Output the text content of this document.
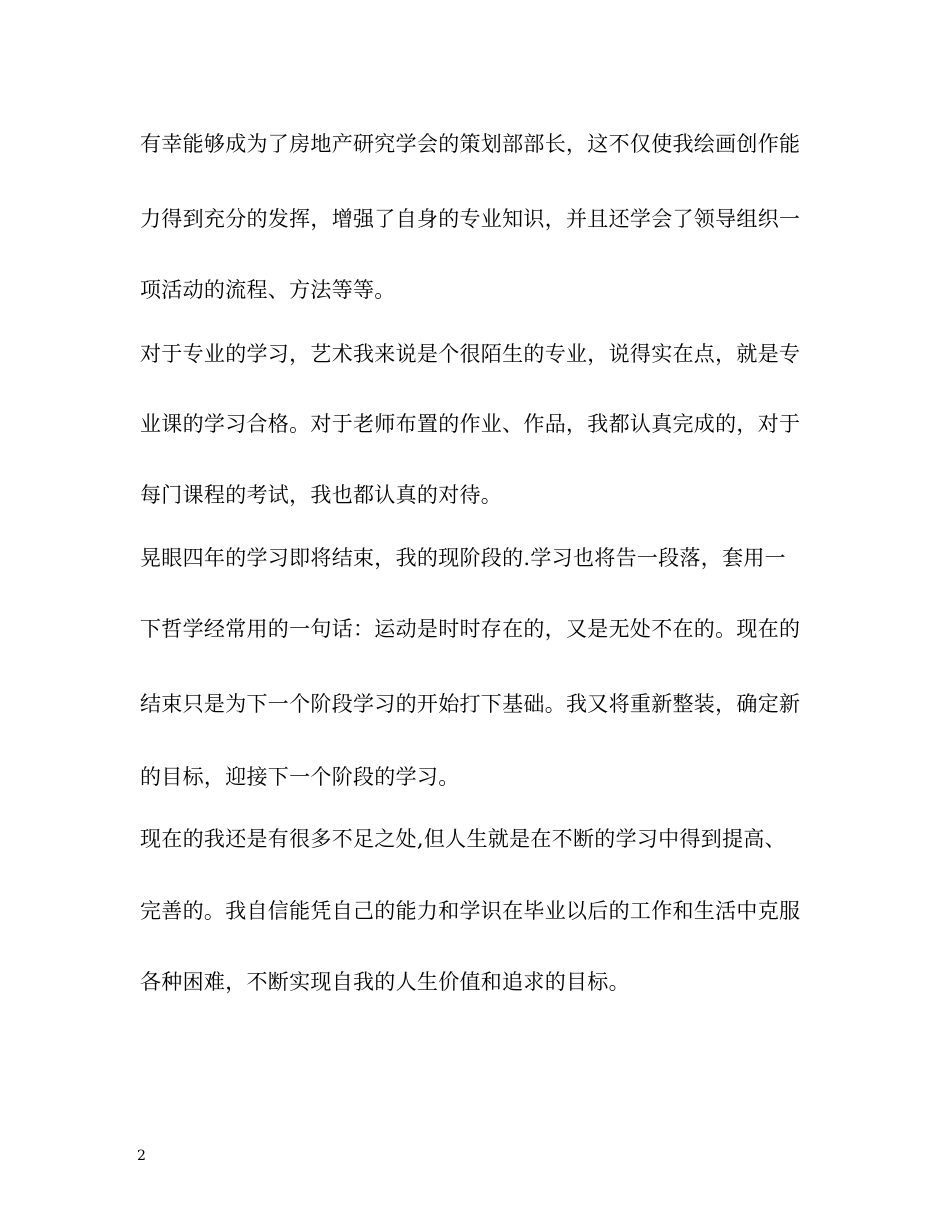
有幸能够成为了房地产研究学会的策划部部长，这不仅使我绘画创作能
力得到充分的发挥，增强了自身的专业知识，并且还学会了领导组织一
项活动的流程、方法等等。
对于专业的学习，艺术我来说是个很陌生的专业，说得实在点，就是专
业课的学习合格。对于老师布置的作业、作品，我都认真完成的，对于
每门课程的考试，我也都认真的对待。
晃眼四年的学习即将结束，我的现阶段的.学习也将告一段落，套用一
下哲学经常用的一句话：运动是时时存在的，又是无处不在的。现在的
结束只是为下一个阶段学习的开始打下基础。我又将重新整装，确定新
的目标，迎接下一个阶段的学习。
现在的我还是有很多不足之处,但人生就是在不断的学习中得到提高、
完善的。我自信能凭自己的能力和学识在毕业以后的工作和生活中克服
各种困难，不断实现自我的人生价值和追求的目标。
2
